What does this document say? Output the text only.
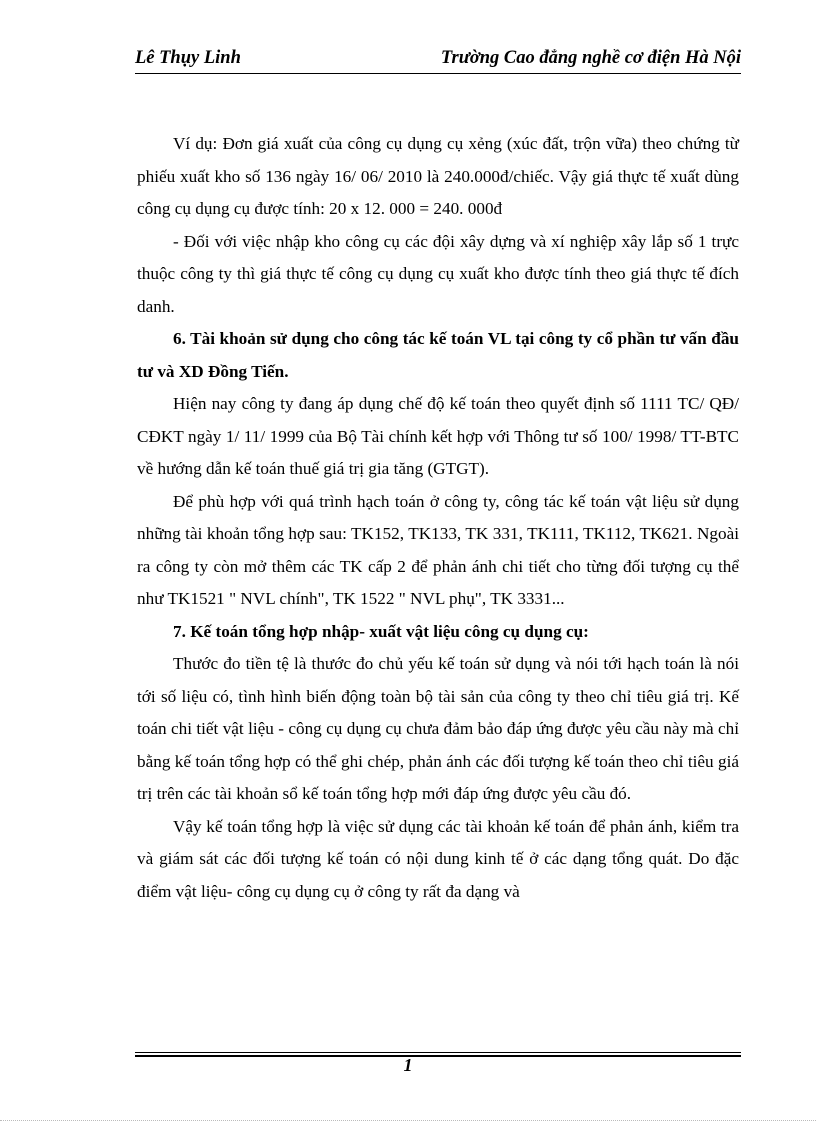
Lê Thụy Linh	Trường Cao đẳng nghề cơ điện Hà Nội

Ví dụ: Đơn giá xuất của công cụ dụng cụ xẻng (xúc đất, trộn vữa) theo chứng từ phiếu xuất kho số 136 ngày 16/ 06/ 2010 là 240.000đ/chiếc. Vậy giá thực tế xuất dùng công cụ dụng cụ được tính: 20 x 12. 000 = 240. 000đ

- Đối với việc nhập kho công cụ các đội xây dựng và xí nghiệp xây lắp số 1 trực thuộc công ty thì giá thực tế công cụ dụng cụ xuất kho được tính theo giá thực tế đích danh.

6. Tài khoản sử dụng cho công tác kế toán VL tại công ty cổ phần tư vấn đầu tư và XD Đồng Tiến.

Hiện nay công ty đang áp dụng chế độ kế toán theo quyết định số 1111 TC/ QĐ/ CĐKT ngày 1/ 11/ 1999 của Bộ Tài chính kết hợp với Thông tư số 100/ 1998/ TT-BTC về hướng dẫn kế toán thuế giá trị gia tăng (GTGT).

Để phù hợp với quá trình hạch toán ở công ty, công tác kế toán vật liệu sử dụng những tài khoản tổng hợp sau: TK152, TK133, TK 331, TK111, TK112, TK621. Ngoài ra công ty còn mở thêm các TK cấp 2 để phản ánh chi tiết cho từng đối tượng cụ thể như TK1521 " NVL chính", TK 1522 " NVL phụ", TK 3331...

7. Kế toán tổng hợp nhập- xuất vật liệu công cụ dụng cụ:

Thước đo tiền tệ là thước đo chủ yếu kế toán sử dụng và nói tới hạch toán là nói tới số liệu có, tình hình biến động toàn bộ tài sản của công ty theo chỉ tiêu giá trị. Kế toán chi tiết vật liệu - công cụ dụng cụ chưa đảm bảo đáp ứng được yêu cầu này mà chỉ bằng kế toán tổng hợp có thể ghi chép, phản ánh các đối tượng kế toán theo chỉ tiêu giá trị trên các tài khoản sổ kế toán tổng hợp mới đáp ứng được yêu cầu đó.

Vậy kế toán tổng hợp là việc sử dụng các tài khoản kế toán để phản ánh, kiểm tra và giám sát các đối tượng kế toán có nội dung kinh tế ở các dạng tổng quát. Do đặc điểm vật liệu- công cụ dụng cụ ở công ty rất đa dạng và

1
